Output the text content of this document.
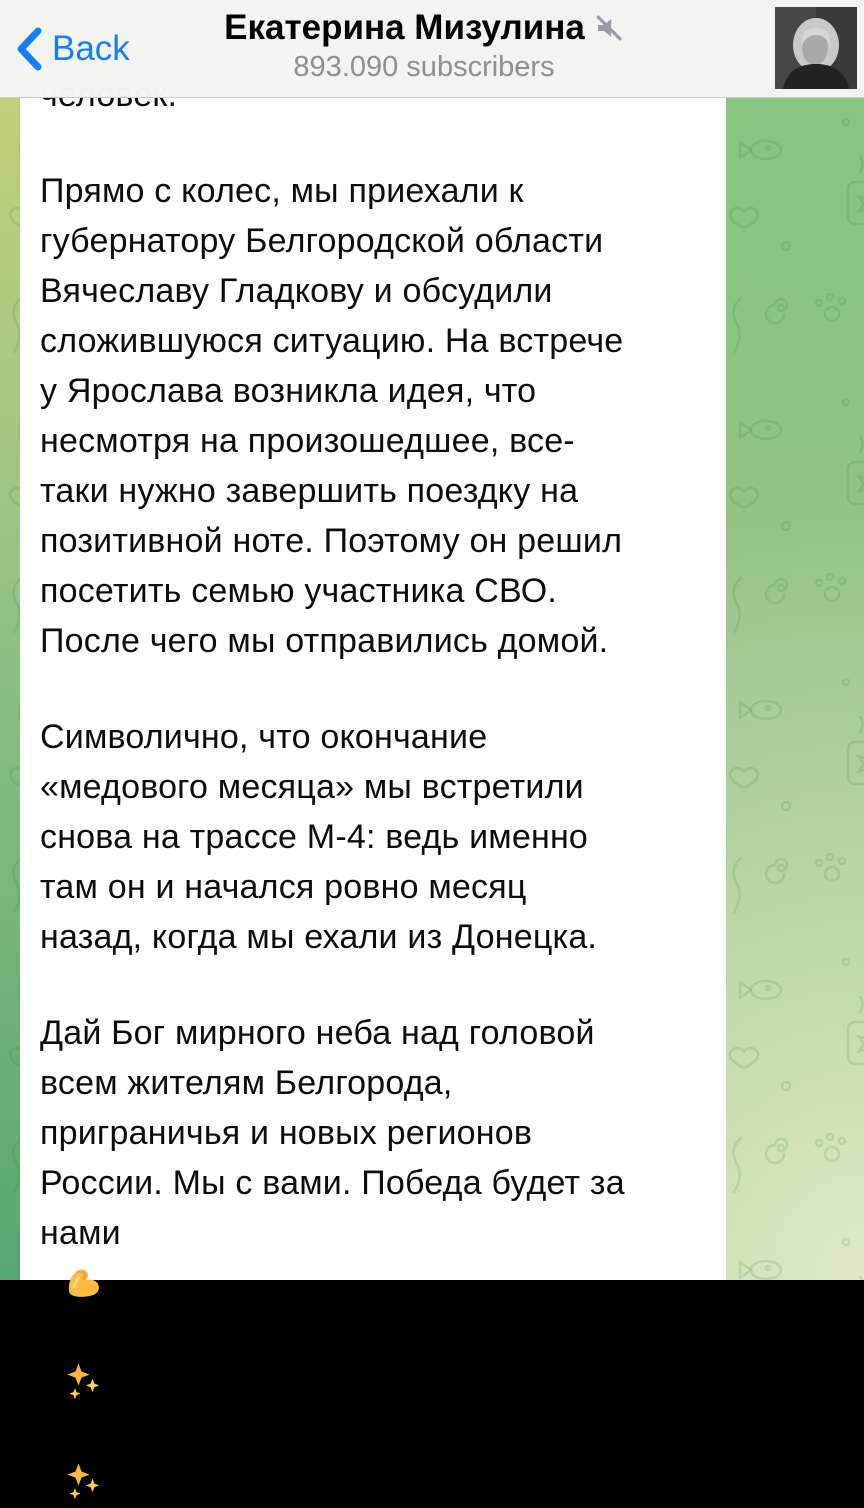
Прямо с колес, мы приехали к
губернатору Белгородской области
Вячеславу Гладкову и обсудили
сложившуюся ситуацию. На встрече
у Ярослава возникла идея, что
несмотря на произошедшее, все-
таки нужно завершить поездку на
позитивной ноте. Поэтому он решил
посетить семью участника СВО.
После чего мы отправились домой.
Символично, что окончание
«медового месяца» мы встретили
снова на трассе М-4: ведь именно
там он и начался ровно месяц
назад, когда мы ехали из Донецка.
Дай Бог мирного неба над головой
всем жителям Белгорода,
приграничья и новых регионов
России. Мы с вами. Победа будет за
нами

Back
Екатерина Мизулина
893.090 subscribers
